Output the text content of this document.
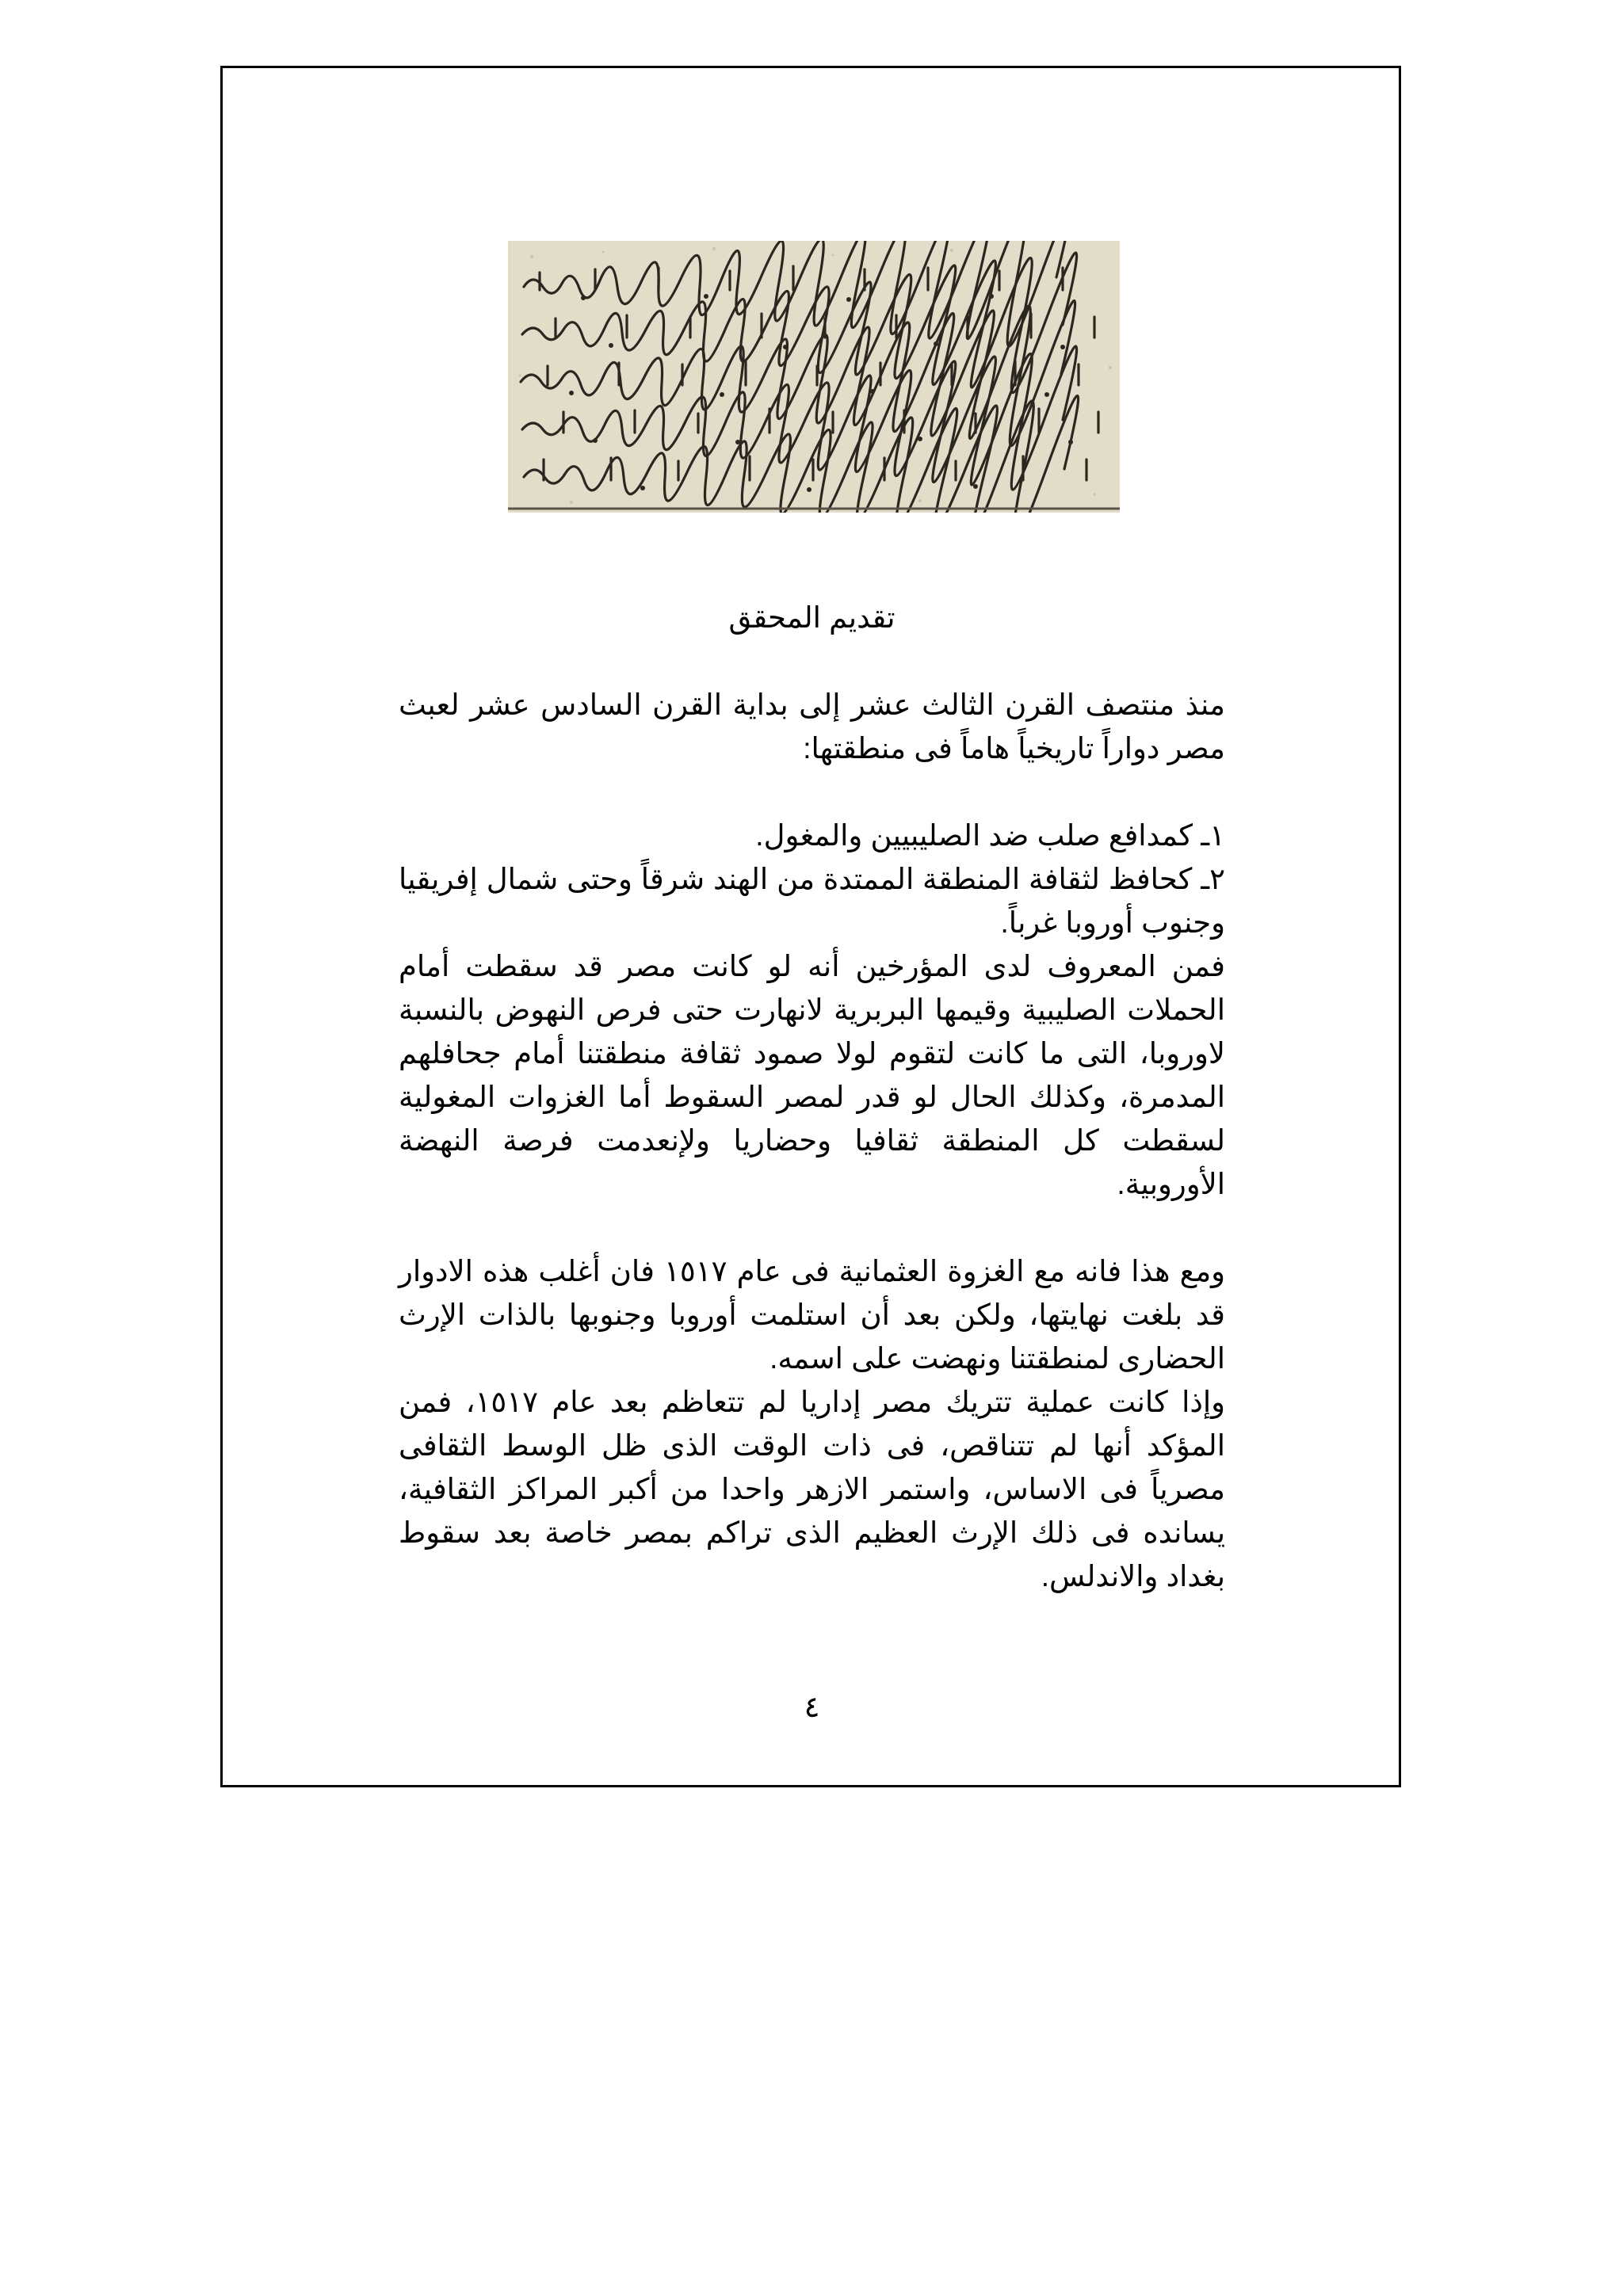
تقديم المحقق

منذ منتصف القرن الثالث عشر إلى بداية القرن السادس عشر لعبث مصر دواراً تاريخياً هاماً فى منطقتها:

١ـ كمدافع صلب ضد الصليبيين والمغول.

٢ـ كحافظ لثقافة المنطقة الممتدة من الهند شرقاً وحتى شمال إفريقيا وجنوب أوروبا غرباً.

فمن المعروف لدى المؤرخين أنه لو كانت مصر قد سقطت أمام الحملات الصليبية وقيمها البربرية لانهارت حتى فرص النهوض بالنسبة لاوروبا، التى ما كانت لتقوم لولا صمود ثقافة منطقتنا أمام جحافلهم المدمرة، وكذلك الحال لو قدر لمصر السقوط أما الغزوات المغولية لسقطت كل المنطقة ثقافيا وحضاريا ولإنعدمت فرصة النهضة الأوروبية.

ومع هذا فانه مع الغزوة العثمانية فى عام ١٥١٧ فان أغلب هذه الادوار قد بلغت نهايتها، ولكن بعد أن استلمت أوروبا وجنوبها بالذات الإرث الحضارى لمنطقتنا ونهضت على اسمه.

وإذا كانت عملية تتريك مصر إداريا لم تتعاظم بعد عام ١٥١٧، فمن المؤكد أنها لم تتناقص، فى ذات الوقت الذى ظل الوسط الثقافى مصرياً فى الاساس، واستمر الازهر واحدا من أكبر المراكز الثقافية، يسانده فى ذلك الإرث العظيم الذى تراكم بمصر خاصة بعد سقوط بغداد والاندلس.

٤
